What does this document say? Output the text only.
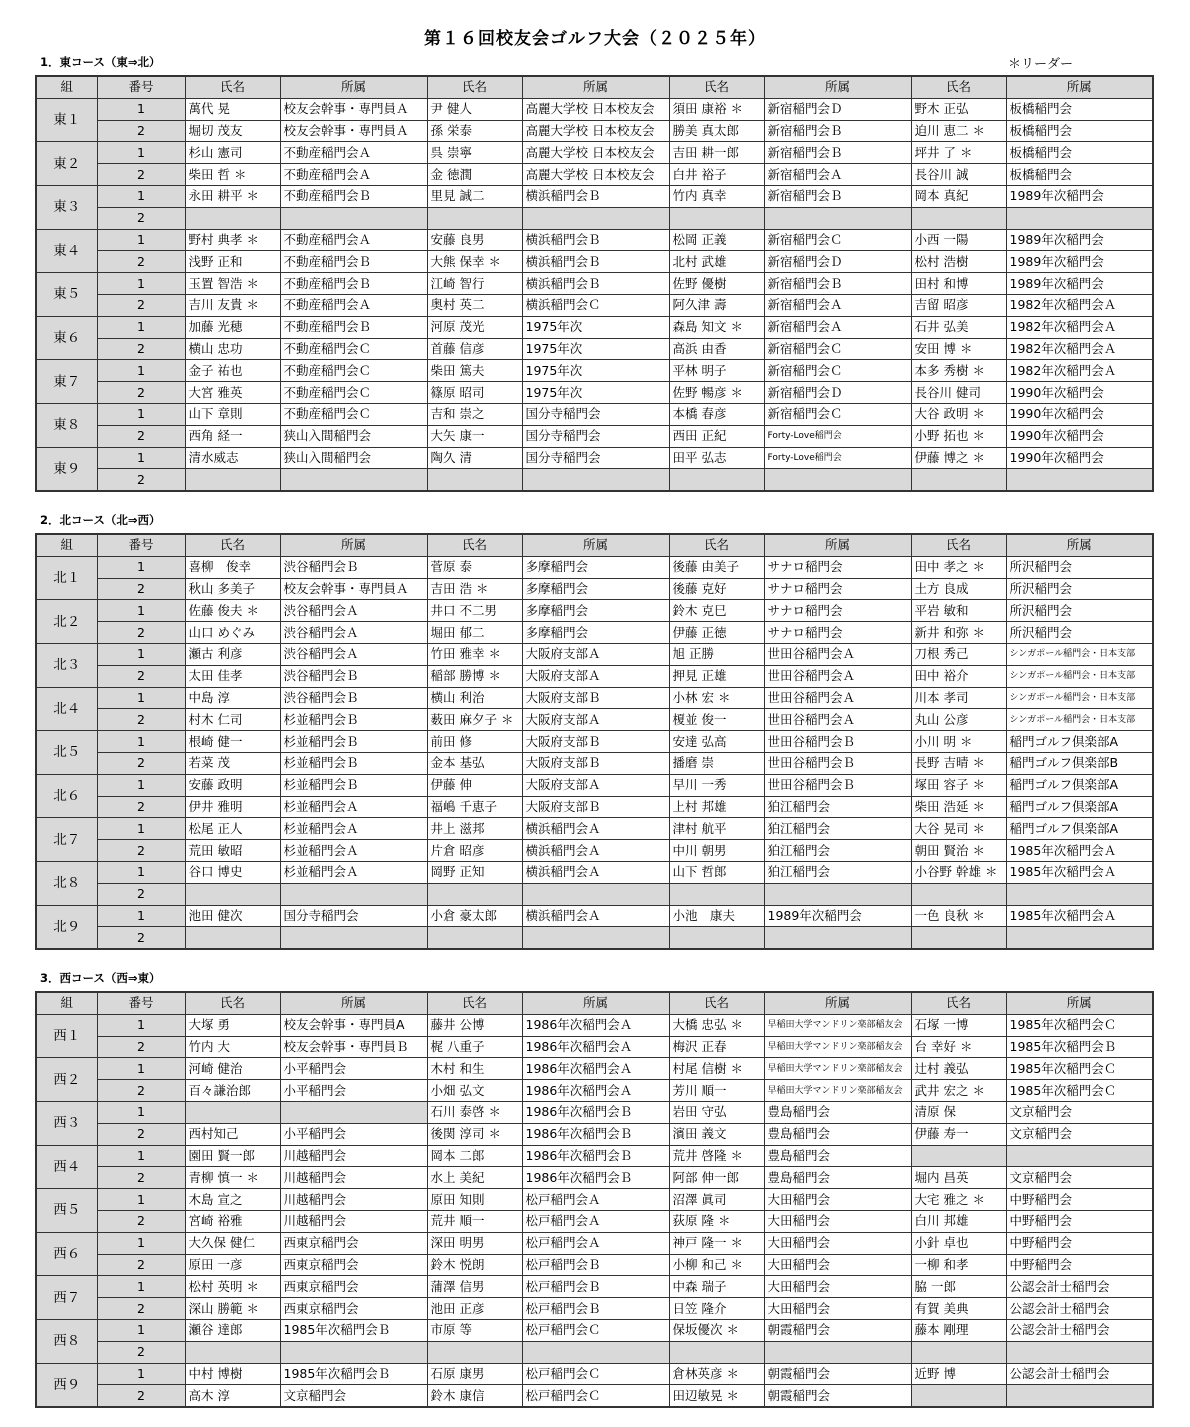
第１６回校友会ゴルフ大会（２０２５年）
＊リーダー
1．東コース（東⇒北）
組	番号	氏名	所属	氏名	所属	氏名	所属	氏名	所属
東１	1	萬代 晃	校友会幹事・専門員Ａ	尹 健人	高麗大学校 日本校友会	須田 康裕 ＊	新宿稲門会Ｄ	野木 正弘	板橋稲門会
	2	堀切 茂友	校友会幹事・専門員Ａ	孫 栄泰	高麗大学校 日本校友会	勝美 真太郎	新宿稲門会Ｂ	迫川 恵二 ＊	板橋稲門会
東２	1	杉山 憲司	不動産稲門会Ａ	呉 崇寧	高麗大学校 日本校友会	吉田 耕一郎	新宿稲門会Ｂ	坪井 了 ＊	板橋稲門会
	2	柴田 哲 ＊	不動産稲門会Ａ	金 徳潤	高麗大学校 日本校友会	白井 裕子	新宿稲門会Ａ	長谷川 誠	板橋稲門会
東３	1	永田 耕平 ＊	不動産稲門会Ｂ	里見 誠二	横浜稲門会Ｂ	竹内 真幸	新宿稲門会Ｂ	岡本 真紀	1989年次稲門会
	2								
東４	1	野村 典孝 ＊	不動産稲門会Ａ	安藤 良男	横浜稲門会Ｂ	松岡 正義	新宿稲門会Ｃ	小西 一陽	1989年次稲門会
	2	浅野 正和	不動産稲門会Ｂ	大熊 保幸 ＊	横浜稲門会Ｂ	北村 武雄	新宿稲門会Ｄ	松村 浩樹	1989年次稲門会
東５	1	玉置 智浩 ＊	不動産稲門会Ｂ	江崎 智行	横浜稲門会Ｂ	佐野 優樹	新宿稲門会Ｂ	田村 和博	1989年次稲門会
	2	吉川 友貴 ＊	不動産稲門会Ａ	奥村 英二	横浜稲門会Ｃ	阿久津 壽	新宿稲門会Ａ	吉留 昭彦	1982年次稲門会Ａ
東６	1	加藤 光穂	不動産稲門会Ｂ	河原 茂光	1975年次	森島 知文 ＊	新宿稲門会Ａ	石井 弘美	1982年次稲門会Ａ
	2	横山 忠功	不動産稲門会Ｃ	首藤 信彦	1975年次	高浜 由香	新宿稲門会Ｃ	安田 博 ＊	1982年次稲門会Ａ
東７	1	金子 祐也	不動産稲門会Ｃ	柴田 篤夫	1975年次	平林 明子	新宿稲門会Ｃ	本多 秀樹 ＊	1982年次稲門会Ａ
	2	大宮 雅英	不動産稲門会Ｃ	篠原 昭司	1975年次	佐野 暢彦 ＊	新宿稲門会Ｄ	長谷川 健司	1990年次稲門会
東８	1	山下 章則	不動産稲門会Ｃ	吉和 崇之	国分寺稲門会	本橋 春彦	新宿稲門会Ｃ	大谷 政明 ＊	1990年次稲門会
	2	西角 経一	狭山入間稲門会	大矢 康一	国分寺稲門会	西田 正紀	Forty-Love稲門会	小野 拓也 ＊	1990年次稲門会
東９	1	清水威志	狭山入間稲門会	陶久 清	国分寺稲門会	田平 弘志	Forty-Love稲門会	伊藤 博之 ＊	1990年次稲門会
	2								
2．北コース（北⇒西）
組	番号	氏名	所属	氏名	所属	氏名	所属	氏名	所属
北１	1	喜柳　俊幸	渋谷稲門会Ｂ	菅原 泰	多摩稲門会	後藤 由美子	サナロ稲門会	田中 孝之 ＊	所沢稲門会
	2	秋山 多美子	校友会幹事・専門員Ａ	吉田 浩 ＊	多摩稲門会	後藤 克好	サナロ稲門会	土方 良成	所沢稲門会
北２	1	佐藤 俊夫 ＊	渋谷稲門会Ａ	井口 不二男	多摩稲門会	鈴木 克巳	サナロ稲門会	平岩 敏和	所沢稲門会
	2	山口 めぐみ	渋谷稲門会Ａ	堀田 郁二	多摩稲門会	伊藤 正徳	サナロ稲門会	新井 和弥 ＊	所沢稲門会
北３	1	瀬古 利彦	渋谷稲門会Ａ	竹田 雅幸 ＊	大阪府支部Ａ	旭 正勝	世田谷稲門会Ａ	刀根 秀己	シンガポール稲門会・日本支部
	2	太田 佳孝	渋谷稲門会Ｂ	稲部 勝博 ＊	大阪府支部Ａ	押見 正雄	世田谷稲門会Ａ	田中 裕介	シンガポール稲門会・日本支部
北４	1	中島 淳	渋谷稲門会Ｂ	横山 利治	大阪府支部Ｂ	小林 宏 ＊	世田谷稲門会Ａ	川本 孝司	シンガポール稲門会・日本支部
	2	村木 仁司	杉並稲門会Ｂ	薮田 麻夕子 ＊	大阪府支部Ａ	榎並 俊一	世田谷稲門会Ａ	丸山 公彦	シンガポール稲門会・日本支部
北５	1	根崎 健一	杉並稲門会Ｂ	前田 修	大阪府支部Ｂ	安達 弘高	世田谷稲門会Ｂ	小川 明 ＊	稲門ゴルフ倶楽部A
	2	若菜 茂	杉並稲門会Ｂ	金本 基弘	大阪府支部Ｂ	播磨 崇	世田谷稲門会Ｂ	長野 吉晴 ＊	稲門ゴルフ倶楽部B
北６	1	安藤 政明	杉並稲門会Ｂ	伊藤 伸	大阪府支部Ａ	早川 一秀	世田谷稲門会Ｂ	塚田 容子 ＊	稲門ゴルフ倶楽部A
	2	伊井 雅明	杉並稲門会Ａ	福嶋 千恵子	大阪府支部Ｂ	上村 邦雄	狛江稲門会	柴田 浩延 ＊	稲門ゴルフ倶楽部A
北７	1	松尾 正人	杉並稲門会Ａ	井上 滋邦	横浜稲門会Ａ	津村 航平	狛江稲門会	大谷 晃司 ＊	稲門ゴルフ倶楽部A
	2	荒田 敏昭	杉並稲門会Ａ	片倉 昭彦	横浜稲門会Ａ	中川 朝男	狛江稲門会	朝田 賢治 ＊	1985年次稲門会Ａ
北８	1	谷口 博史	杉並稲門会Ａ	岡野 正知	横浜稲門会Ａ	山下 哲郎	狛江稲門会	小谷野 幹雄 ＊	1985年次稲門会Ａ
	2								
北９	1	池田 健次	国分寺稲門会	小倉 豪太郎	横浜稲門会Ａ	小池　康夫	1989年次稲門会	一色 良秋 ＊	1985年次稲門会Ａ
	2								
3．西コース（西⇒東）
組	番号	氏名	所属	氏名	所属	氏名	所属	氏名	所属
西１	1	大塚 勇	校友会幹事・専門員A	藤井 公博	1986年次稲門会Ａ	大橋 忠弘 ＊	早稲田大学マンドリン楽部稲友会	石塚 一博	1985年次稲門会Ｃ
	2	竹内 大	校友会幹事・専門員Ｂ	梶 八重子	1986年次稲門会Ａ	梅沢 正春	早稲田大学マンドリン楽部稲友会	台 幸好 ＊	1985年次稲門会Ｂ
西２	1	河崎 健治	小平稲門会	木村 和生	1986年次稲門会Ａ	村尾 信樹 ＊	早稲田大学マンドリン楽部稲友会	辻村 義弘	1985年次稲門会Ｃ
	2	百々謙治郎	小平稲門会	小畑 弘文	1986年次稲門会Ａ	芳川 順一	早稲田大学マンドリン楽部稲友会	武井 宏之 ＊	1985年次稲門会Ｃ
西３	1			石川 泰啓 ＊	1986年次稲門会Ｂ	岩田 守弘	豊島稲門会	清原 保	文京稲門会
	2	西村知己	小平稲門会	後関 淳司 ＊	1986年次稲門会Ｂ	濱田 義文	豊島稲門会	伊藤 寿一	文京稲門会
西４	1	園田 賢一郎	川越稲門会	岡本 二郎	1986年次稲門会Ｂ	荒井 啓隆 ＊	豊島稲門会		
	2	青柳 慎一 ＊	川越稲門会	水上 美紀	1986年次稲門会Ｂ	阿部 伸一郎	豊島稲門会	堀内 昌英	文京稲門会
西５	1	木島 宣之	川越稲門会	原田 知則	松戸稲門会Ａ	沼澤 眞司	大田稲門会	大宅 雅之 ＊	中野稲門会
	2	宮崎 裕雅	川越稲門会	荒井 順一	松戸稲門会Ａ	荻原 隆 ＊	大田稲門会	白川 邦雄	中野稲門会
西６	1	大久保 健仁	西東京稲門会	深田 明男	松戸稲門会Ａ	神戸 隆一 ＊	大田稲門会	小針 卓也	中野稲門会
	2	原田 一彦	西東京稲門会	鈴木 悦朗	松戸稲門会Ｂ	小柳 和己 ＊	大田稲門会	一柳 和孝	中野稲門会
西７	1	松村 英明 ＊	西東京稲門会	蒲澤 信男	松戸稲門会Ｂ	中森 瑞子	大田稲門会	脇 一郎	公認会計士稲門会
	2	深山 勝範 ＊	西東京稲門会	池田 正彦	松戸稲門会Ｂ	日笠 隆介	大田稲門会	有賀 美典	公認会計士稲門会
西８	1	瀬谷 達郎	1985年次稲門会Ｂ	市原 等	松戸稲門会Ｃ	保坂優次 ＊	朝霞稲門会	藤本 剛理	公認会計士稲門会
	2								
西９	1	中村 博樹	1985年次稲門会Ｂ	石原 康男	松戸稲門会Ｃ	倉林英彦 ＊	朝霞稲門会	近野 博	公認会計士稲門会
	2	高木 淳	文京稲門会	鈴木 康信	松戸稲門会Ｃ	田辺敏晃 ＊	朝霞稲門会		
